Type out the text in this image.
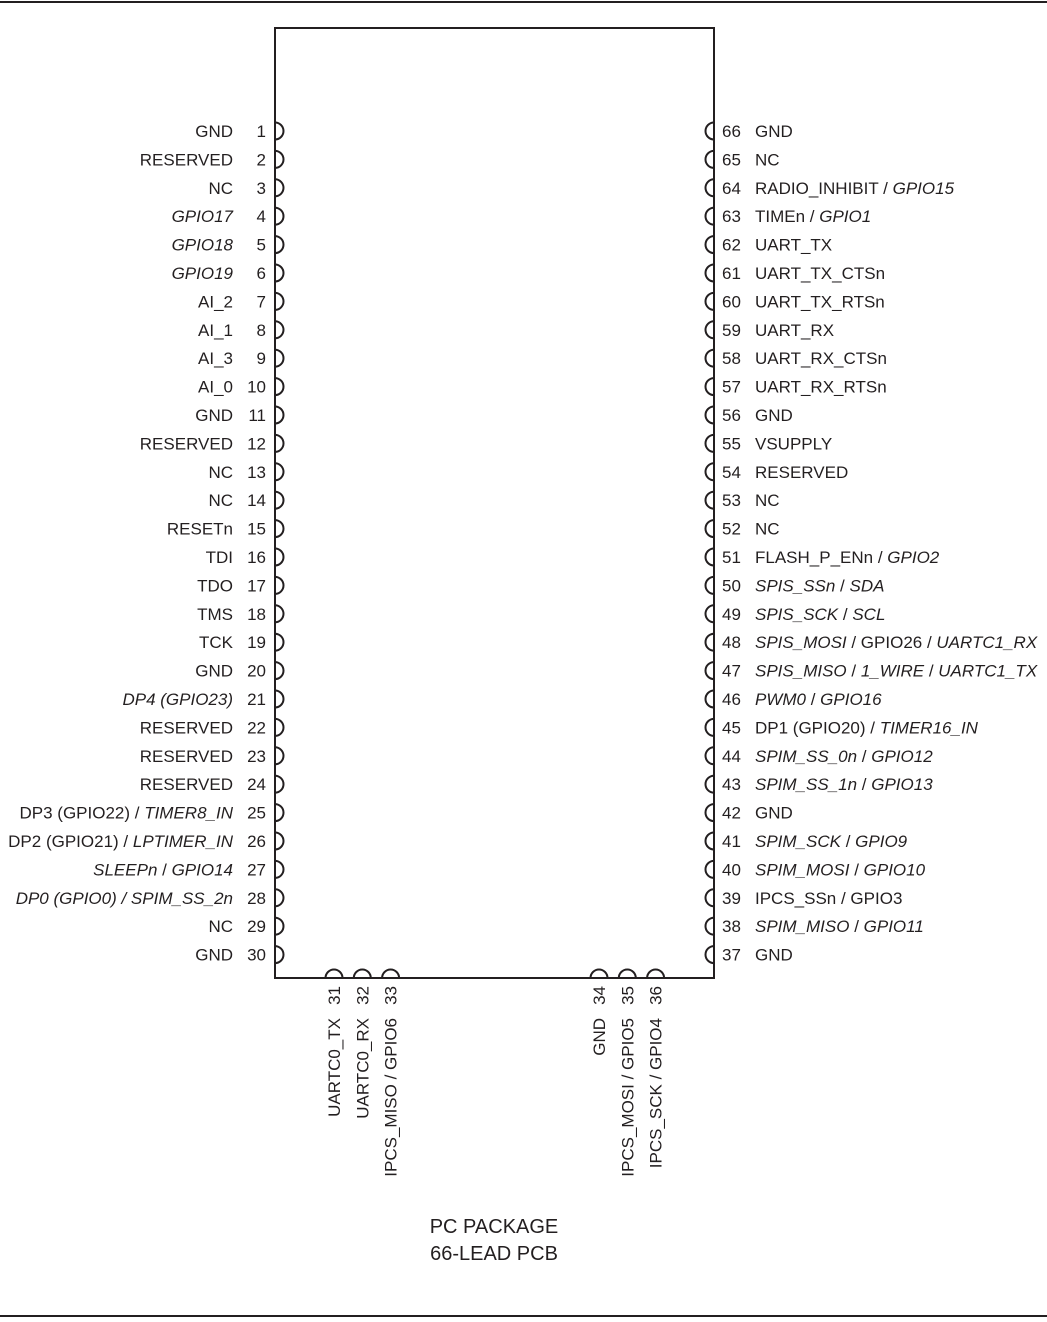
1
GND
2
RESERVED
3
NC
4
GPIO17
5
GPIO18
6
GPIO19
7
AI_2
8
AI_1
9
AI_3
10
AI_0
11
GND
12
RESERVED
13
NC
14
NC
15
RESETn
16
TDI
17
TDO
18
TMS
19
TCK
20
GND
21
DP4 (GPIO23)
22
RESERVED
23
RESERVED
24
RESERVED
25
DP3 (GPIO22) / TIMER8_IN
26
DP2 (GPIO21) / LPTIMER_IN
27
SLEEPn / GPIO14
28
DP0 (GPIO0) / SPIM_SS_2n
29
NC
30
GND
66 GND
65 NC
64 RADIO_INHIBIT / GPIO15
63 TIMEn / GPIO1
62 UART_TX
61 UART_TX_CTSn
60 UART_TX_RTSn
59 UART_RX
58 UART_RX_CTSn
57 UART_RX_RTSn
56 GND
55 VSUPPLY
54 RESERVED
53 NC
52 NC
51 FLASH_P_ENn / GPIO2
50 SPIS_SSn / SDA
49 SPIS_SCK / SCL
48 SPIS_MOSI / GPIO26 / UARTC1_RX
47 SPIS_MISO / 1_WIRE / UARTC1_TX
46 PWM0 / GPIO16
45 DP1 (GPIO20) / TIMER16_IN
44 SPIM_SS_0n / GPIO12
43 SPIM_SS_1n / GPIO13
42 GND
41 SPIM_SCK / GPIO9
40 SPIM_MOSI / GPIO10
39 IPCS_SSn / GPIO3
38 SPIM_MISO / GPIO11
37 GND
31
UARTC0_TX
32
UARTC0_RX
33
IPCS_MISO / GPIO6
34
GND
35
IPCS_MOSI / GPIO5
36
IPCS_SCK / GPIO4
PC PACKAGE
66-LEAD PCB
